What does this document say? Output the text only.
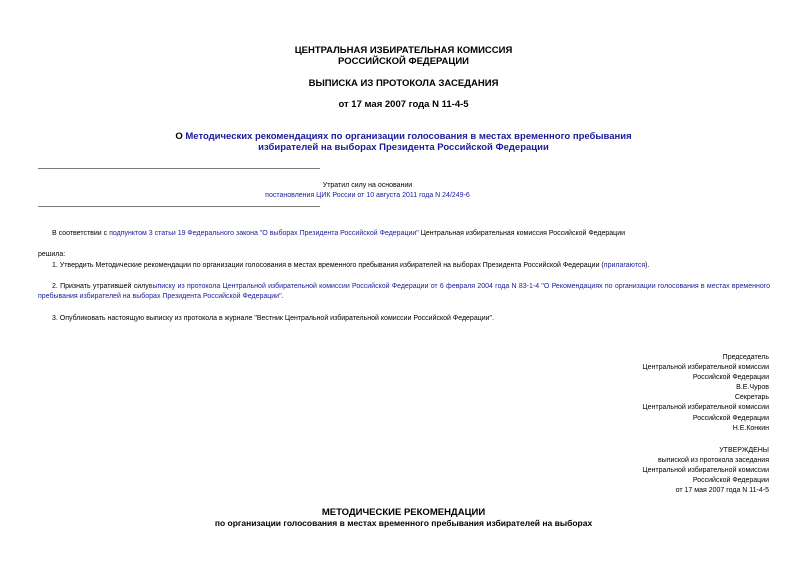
ЦЕНТРАЛЬНАЯ ИЗБИРАТЕЛЬНАЯ КОМИССИЯ
РОССИЙСКОЙ ФЕДЕРАЦИИ
ВЫПИСКА ИЗ ПРОТОКОЛА ЗАСЕДАНИЯ
от 17 мая 2007 года N 11-4-5
О Методических рекомендациях по организации голосования в местах временного пребывания
избирателей на выборах Президента Российской Федерации
Утратил силу на основании
постановления ЦИК России от 10 августа 2011 года N 24/249-6
В соответствии с подпунктом 3 статьи 19 Федерального закона "О выборах Президента Российской Федерации" Центральная избирательная комиссия Российской Федерации
решила:
1. Утвердить Методические рекомендации по организации голосования в местах временного пребывания избирателей на выборах Президента Российской Федерации (прилагаются).
2. Признать утратившей силувыписку из протокола Центральной избирательной комиссии Российской Федерации от 6 февраля 2004 года N 83-1-4 "О Рекомендациях по организации голосования в местах временного пребывания избирателей на выборах Президента Российской Федерации".
3. Опубликовать настоящую выписку из протокола в журнале "Вестник Центральной избирательной комиссии Российской Федерации".
Председатель
Центральной избирательной комиссии
Российской Федерации
В.Е.Чуров
Секретарь
Центральной избирательной комиссии
Российской Федерации
Н.Е.Конкин
УТВЕРЖДЕНЫ
выпиской из протокола заседания
Центральной избирательной комиссии
Российской Федерации
от 17 мая 2007 года N 11-4-5
МЕТОДИЧЕСКИЕ РЕКОМЕНДАЦИИ
по организации голосования в местах временного пребывания избирателей на выборах
